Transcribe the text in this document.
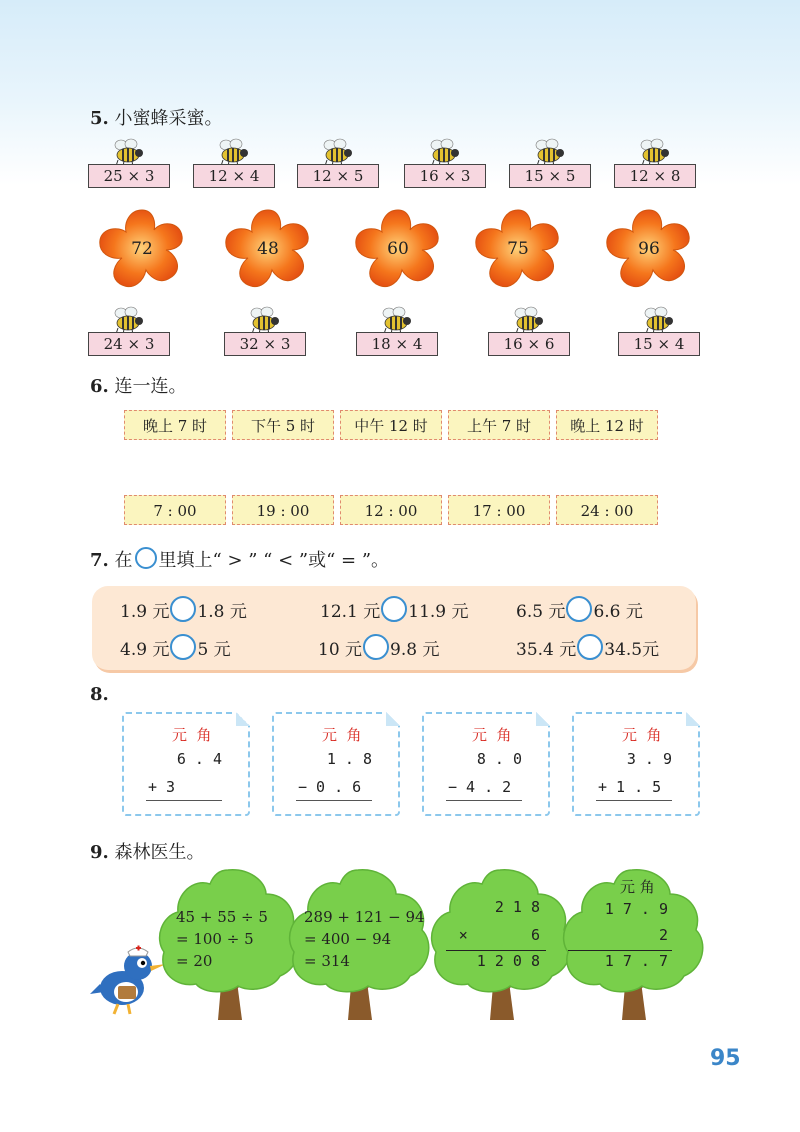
5. 小蜜蜂采蜜。
25 × 3	12 × 4	12 × 5	16 × 3	15 × 5	12 × 8
72	48	60	75	96
24 × 3	32 × 3	18 × 4	16 × 6	15 × 4
6. 连一连。
晚上 7 时	下午 5 时	中午 12 时	上午 7 时	晚上 12 时
7 : 00	19 : 00	12 : 00	17 : 00	24 : 00
7. 在 里填上“ > ” “ < ”或“ = ”。
1.9 元 1.8 元	12.1 元 11.9 元	6.5 元 6.6 元
4.9 元 5 元	10 元 9.8 元	35.4 元 34.5元
8.
元  角
6 . 4
+ 3
元  角
1 . 8
− 0 . 6
元  角
8 . 0
− 4 . 2
元  角
3 . 9
+ 1 . 5
9. 森林医生。
45 + 55 ÷ 5
= 100 ÷ 5
= 20
289 + 121 − 94
= 400 − 94
= 314
2 1 8
×       6
1 2 0 8
元 角
1 7 . 9
2
1 7 . 7
95
